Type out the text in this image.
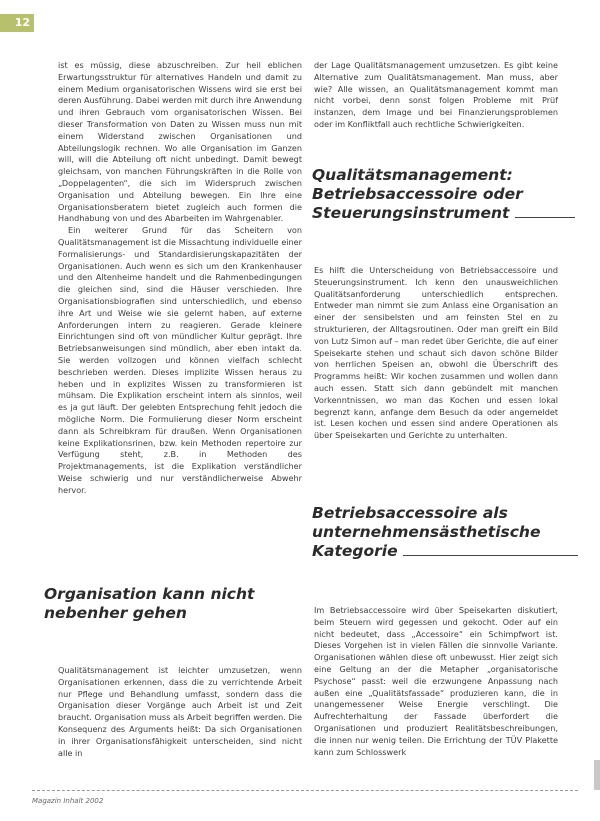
12

ist es müssig, diese abzuschreiben. Zur heil eblichen Erwartungsstruktur für alternatives Handeln und damit zu einem Medium organisatorischen Wissens wird sie erst bei deren Ausführung. Dabei werden mit durch ihre Anwendung und ihren Gebrauch vom organisatorischen Wissen. Bei dieser Transformation von Daten zu Wissen muss nun mit einem Widerstand zwischen Organisationen und Abteilungslogik rechnen. Wo alle Organisation im Ganzen will, will die Abteilung oft nicht unbedingt. Damit bewegt gleichsam, von manchen Führungskräften in die Rolle von „Doppelagenten“, die sich im Widerspruch zwischen Organisation und Abteilung bewegen. Ein Ihre eine Organisationsberatern bietet zugleich auch formen die Handhabung von und des Abarbeiten im Wahrgenabler.

Ein weiterer Grund für das Scheitern von Qualitätsmanagement ist die Missachtung individuelle einer Formalisierungs- und Standardisierungskapazitäten der Organisationen. Auch wenn es sich um den Krankenhauser und den Altenheime handelt und die Rahmenbedingungen die gleichen sind, sind die Häuser verschieden. Ihre Organisationsbiografien sind unterschiedlich, und ebenso ihre Art und Weise wie sie gelernt haben, auf externe Anforderungen intern zu reagieren. Gerade kleinere Einrichtungen sind oft von mündlicher Kultur geprägt. Ihre Betriebsanweisungen sind mündlich, aber eben intakt da. Sie werden vollzogen und können vielfach schlecht beschrieben werden. Dieses implizite Wissen heraus zu heben und in explizites Wissen zu transformieren ist mühsam. Die Explikation erscheint intern als sinnlos, weil es ja gut läuft. Der gelebten Entsprechung fehlt jedoch die mögliche Norm. Die Formulierung dieser Norm erscheint dann als Schreibkram für draußen. Wenn Organisationen keine Explikationsrinen, bzw. kein Methoden repertoire zur Verfügung steht, z.B. in Methoden des Projektmanagements, ist die Explikation verständlicher Weise schwierig und nur verständlicherweise Abwehr hervor.

Organisation kann nicht
nebenher gehen

Qualitätsmanagement ist leichter umzusetzen, wenn Organisationen erkennen, dass die zu verrichtende Arbeit nur Pflege und Behandlung umfasst, sondern dass die Organisation dieser Vorgänge auch Arbeit ist und Zeit braucht. Organisation muss als Arbeit begriffen werden. Die Konsequenz des Arguments heißt: Da sich Organisationen in ihrer Organisationsfähigkeit unterscheiden, sind nicht alle in

der Lage Qualitätsmanagement umzusetzen. Es gibt keine Alternative zum Qualitätsmanagement. Man muss, aber wie? Alle wissen, an Qualitätsmanagement kommt man nicht vorbei, denn sonst folgen Probleme mit Prüf instanzen, dem Image und bei Finanzierungsproblemen oder im Konfliktfall auch rechtliche Schwierigkeiten.

Qualitätsmanagement:
Betriebsaccessoire oder
Steuerungsinstrument

Es hilft die Unterscheidung von Betriebsaccessoire und Steuerungsinstrument. Ich kenn den unausweichlichen Qualitätsanforderung unterschiedlich entsprechen. Entweder man nimmt sie zum Anlass eine Organisation an einer der sensibelsten und am feinsten Stel en zu strukturieren, der Alltagsroutinen. Oder man greift ein Bild von Lutz Simon auf – man redet über Gerichte, die auf einer Speisekarte stehen und schaut sich davon schöne Bilder von herrlichen Speisen an, obwohl die Überschrift des Programms heißt: Wir kochen zusammen und wollen dann auch essen. Statt sich dann gebündelt mit manchen Vorkenntnissen, wo man das Kochen und essen lokal begrenzt kann, anfange dem Besuch da oder angemeldet ist. Lesen kochen und essen sind andere Operationen als über Speisekarten und Gerichte zu unterhalten.

Betriebsaccessoire als
unternehmensästhetische
Kategorie

Im Betriebsaccessoire wird über Speisekarten diskutiert, beim Steuern wird gegessen und gekocht. Oder auf ein nicht bedeutet, dass „Accessoire“ ein Schimpfwort ist. Dieses Vorgehen ist in vielen Fällen die sinnvolle Variante. Organisationen wählen diese oft unbewusst. Hier zeigt sich eine Geltung an der die Metapher „organisatorische Psychose“ passt: weil die erzwungene Anpassung nach außen eine „Qualitätsfassade“ produzieren kann, die in unangemessener Weise Energie verschlingt. Die Aufrechterhaltung der Fassade überfordert die Organisationen und produziert Realitätsbeschreibungen, die innen nur wenig teilen. Die Errichtung der TÜV Plakette kann zum Schlosswerk

Magazin Inhalt 2002
